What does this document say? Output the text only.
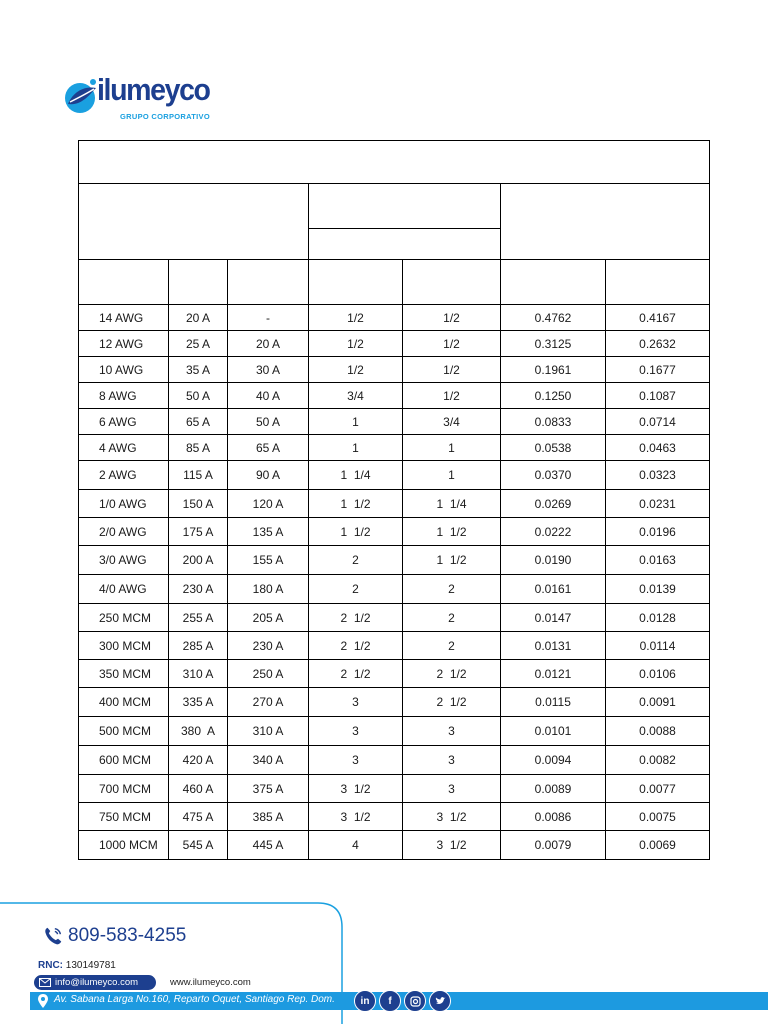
ilumeyco
GRUPO CORPORATIVO

14 AWG	20 A	-	1/2	1/2	0.4762	0.4167
12 AWG	25 A	20 A	1/2	1/2	0.3125	0.2632
10 AWG	35 A	30 A	1/2	1/2	0.1961	0.1677
8 AWG	50 A	40 A	3/4	1/2	0.1250	0.1087
6 AWG	65 A	50 A	1	3/4	0.0833	0.0714
4 AWG	85 A	65 A	1	1	0.0538	0.0463
2 AWG	115 A	90 A	1  1/4	1	0.0370	0.0323
1/0 AWG	150 A	120 A	1  1/2	1  1/4	0.0269	0.0231
2/0 AWG	175 A	135 A	1  1/2	1  1/2	0.0222	0.0196
3/0 AWG	200 A	155 A	2	1  1/2	0.0190	0.0163
4/0 AWG	230 A	180 A	2	2	0.0161	0.0139
250 MCM	255 A	205 A	2  1/2	2	0.0147	0.0128
300 MCM	285 A	230 A	2  1/2	2	0.0131	0.0114
350 MCM	310 A	250 A	2  1/2	2  1/2	0.0121	0.0106
400 MCM	335 A	270 A	3	2  1/2	0.0115	0.0091
500 MCM	380  A	310 A	3	3	0.0101	0.0088
600 MCM	420 A	340 A	3	3	0.0094	0.0082
700 MCM	460 A	375 A	3  1/2	3	0.0089	0.0077
750 MCM	475 A	385 A	3  1/2	3  1/2	0.0086	0.0075
1000 MCM	545 A	445 A	4	3  1/2	0.0079	0.0069
809-583-4255
RNC: 130149781
info@ilumeyco.com	www.ilumeyco.com
Av. Sabana Larga No.160, Reparto Oquet, Santiago Rep. Dom.	in	f
